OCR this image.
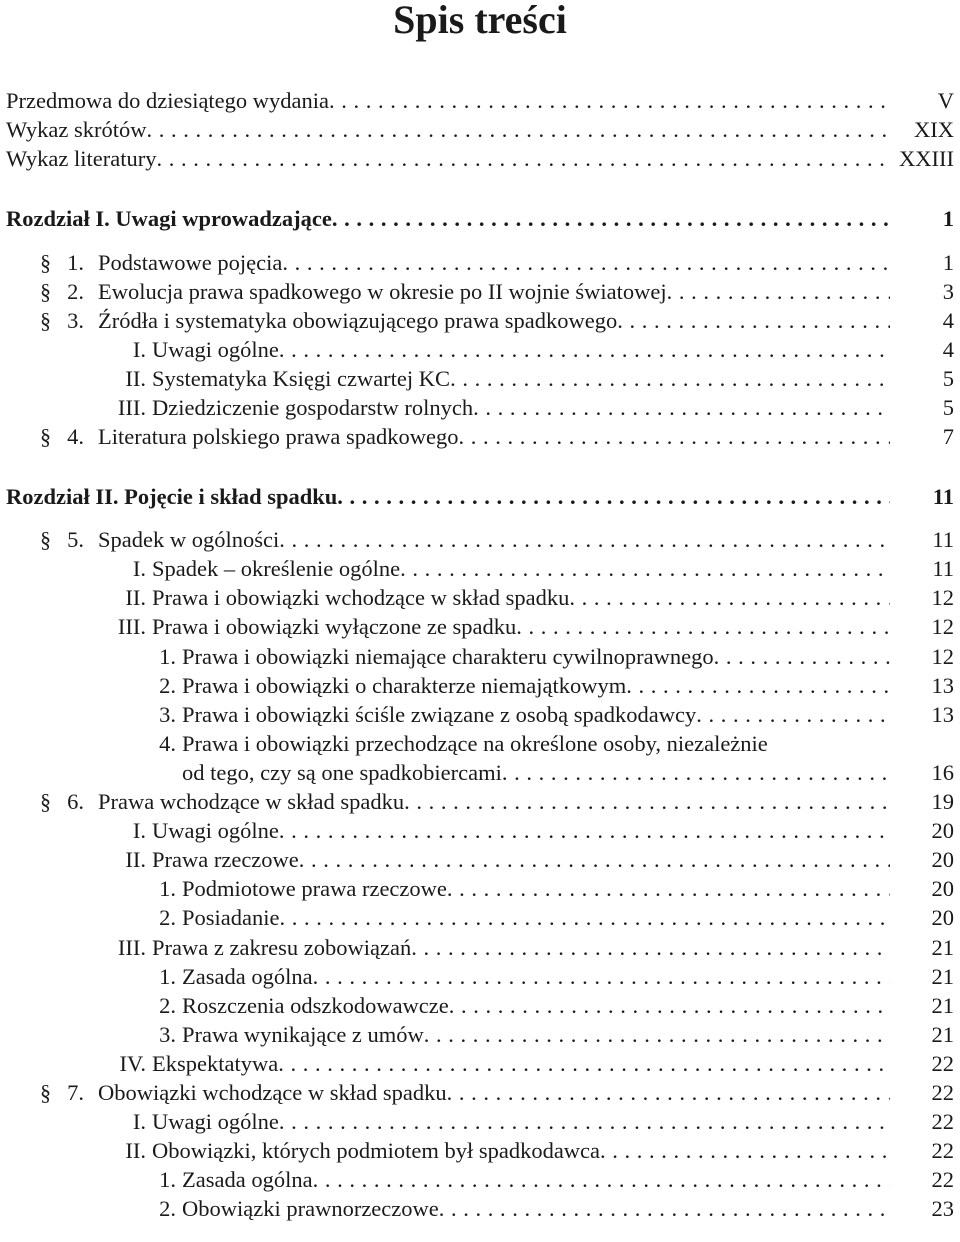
Spis treści
Przedmowa do dziesiątego wydania . . .	V
Wykaz skrótów . . .	XIX
Wykaz literatury . . .	XXIII
Rozdział I. Uwagi wprowadzające . . .	1
§ 1. Podstawowe pojęcia . . .	1
§ 2. Ewolucja prawa spadkowego w okresie po II wojnie światowej . . .	3
§ 3. Źródła i systematyka obowiązującego prawa spadkowego . . .	4
I. Uwagi ogólne . . .	4
II. Systematyka Księgi czwartej KC . . .	5
III. Dziedziczenie gospodarstw rolnych . . .	5
§ 4. Literatura polskiego prawa spadkowego . . .	7
Rozdział II. Pojęcie i skład spadku . . .	11
§ 5. Spadek w ogólności . . .	11
I. Spadek – określenie ogólne . . .	11
II. Prawa i obowiązki wchodzące w skład spadku . . .	12
III. Prawa i obowiązki wyłączone ze spadku . . .	12
1. Prawa i obowiązki niemające charakteru cywilnoprawnego . . .	12
2. Prawa i obowiązki o charakterze niemajątkowym . . .	13
3. Prawa i obowiązki ściśle związane z osobą spadkodawcy . . .	13
4. Prawa i obowiązki przechodzące na określone osoby, niezależnie
od tego, czy są one spadkobiercami . . .	16
§ 6. Prawa wchodzące w skład spadku . . .	19
I. Uwagi ogólne . . .	20
II. Prawa rzeczowe . . .	20
1. Podmiotowe prawa rzeczowe . . .	20
2. Posiadanie . . .	20
III. Prawa z zakresu zobowiązań . . .	21
1. Zasada ogólna . . .	21
2. Roszczenia odszkodowawcze . . .	21
3. Prawa wynikające z umów . . .	21
IV. Ekspektatywa . . .	22
§ 7. Obowiązki wchodzące w skład spadku . . .	22
I. Uwagi ogólne . . .	22
II. Obowiązki, których podmiotem był spadkodawca . . .	22
1. Zasada ogólna . . .	22
2. Obowiązki prawnorzeczowe . . .	23
